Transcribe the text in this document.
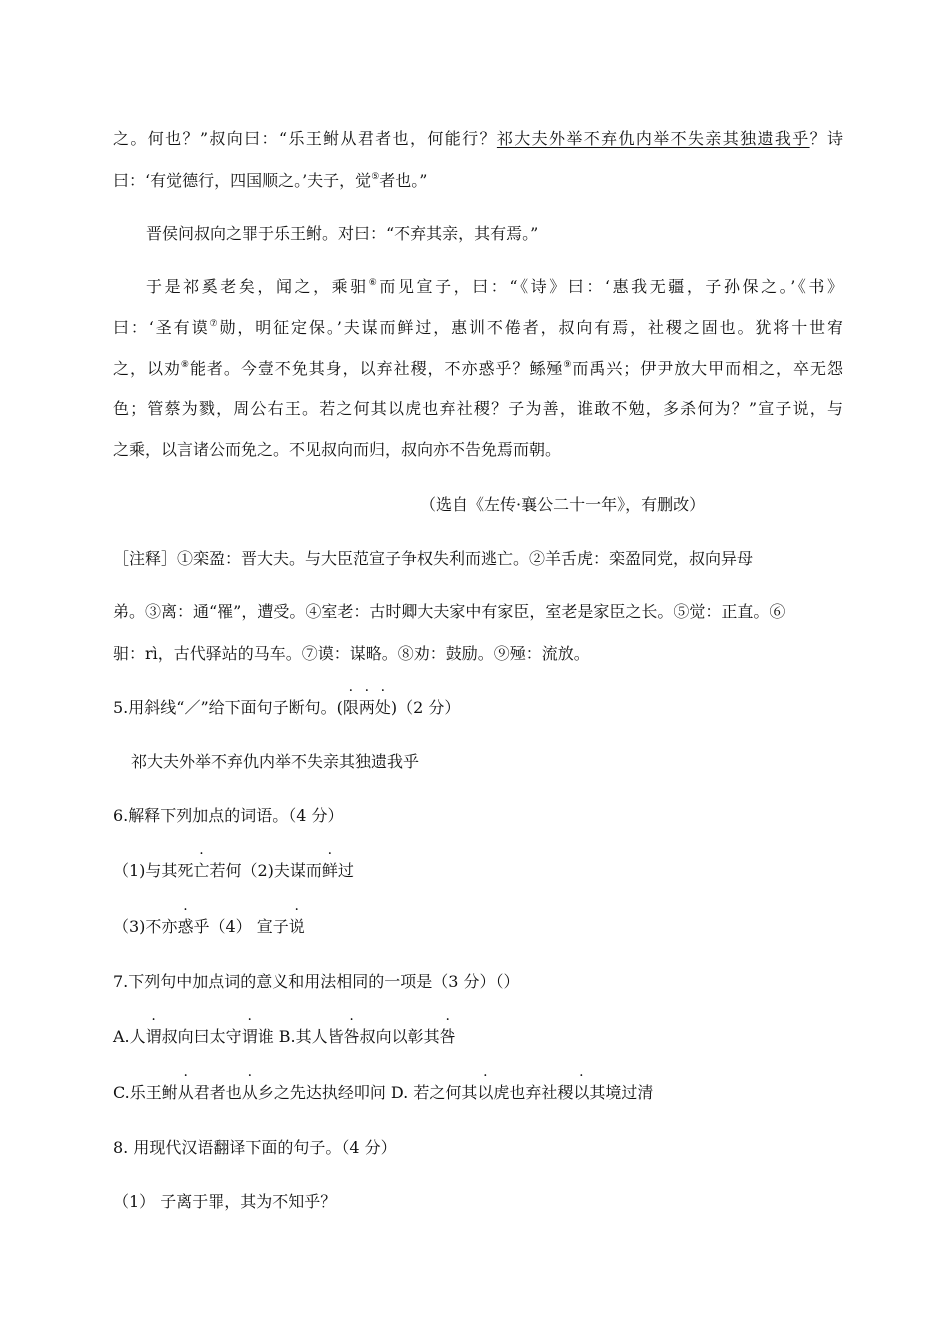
之。何也？”叔向曰：“乐王鲋从君者也，何能行？祁大夫外举不弃仇内举不失亲其独遗我乎？诗
曰：‘有觉德行，四国顺之。’夫子，觉⑤者也。”
晋侯问叔向之罪于乐王鲋。对曰：“不弃其亲，其有焉。”
于是祁奚老矣，闻之，乘驲⑥而见宣子，曰：“《诗》曰：‘惠我无疆，子孙保之。’《书》
曰：‘圣有谟⑦勋，明征定保。’夫谋而鲜过，惠训不倦者，叔向有焉，社稷之固也。犹将十世宥
之，以劝⑧能者。今壹不免其身，以弃社稷，不亦惑乎？鲧殛⑨而禹兴；伊尹放大甲而相之，卒无怨
色；管蔡为戮，周公右王。若之何其以虎也弃社稷？子为善，谁敢不勉，多杀何为？”宣子说，与
之乘，以言诸公而免之。不见叔向而归，叔向亦不告免焉而朝。
（选自《左传·襄公二十一年》，有删改）
［注释］①栾盈：晋大夫。与大臣范宣子争权失利而逃亡。②羊舌虎：栾盈同党，叔向异母
弟。③离：通“罹”，遭受。④室老：古时卿大夫家中有家臣，室老是家臣之长。⑤觉：正直。⑥
驲：rì，古代驿站的马车。⑦谟：谋略。⑧劝：鼓励。⑨殛：流放。
5.用斜线“／”给下面句子断句。(限两处)（2 分）
祁大夫外举不弃仇内举不失亲其独遗我乎
6.解释下列加点的词语。（4 分）
（1)与其死亡若何（2)夫谋而鲜过
（3)不亦惑乎（4） 宣子说
7.下列句中加点词的意义和用法相同的一项是（3 分）（）
A.人谓叔向曰太守谓谁 B.其人皆咎叔向以彰其咎
C.乐王鲋从君者也从乡之先达执经叩问 D. 若之何其以虎也弃社稷以其境过清
8. 用现代汉语翻译下面的句子。（4 分）
（1） 子离于罪，其为不知乎？
